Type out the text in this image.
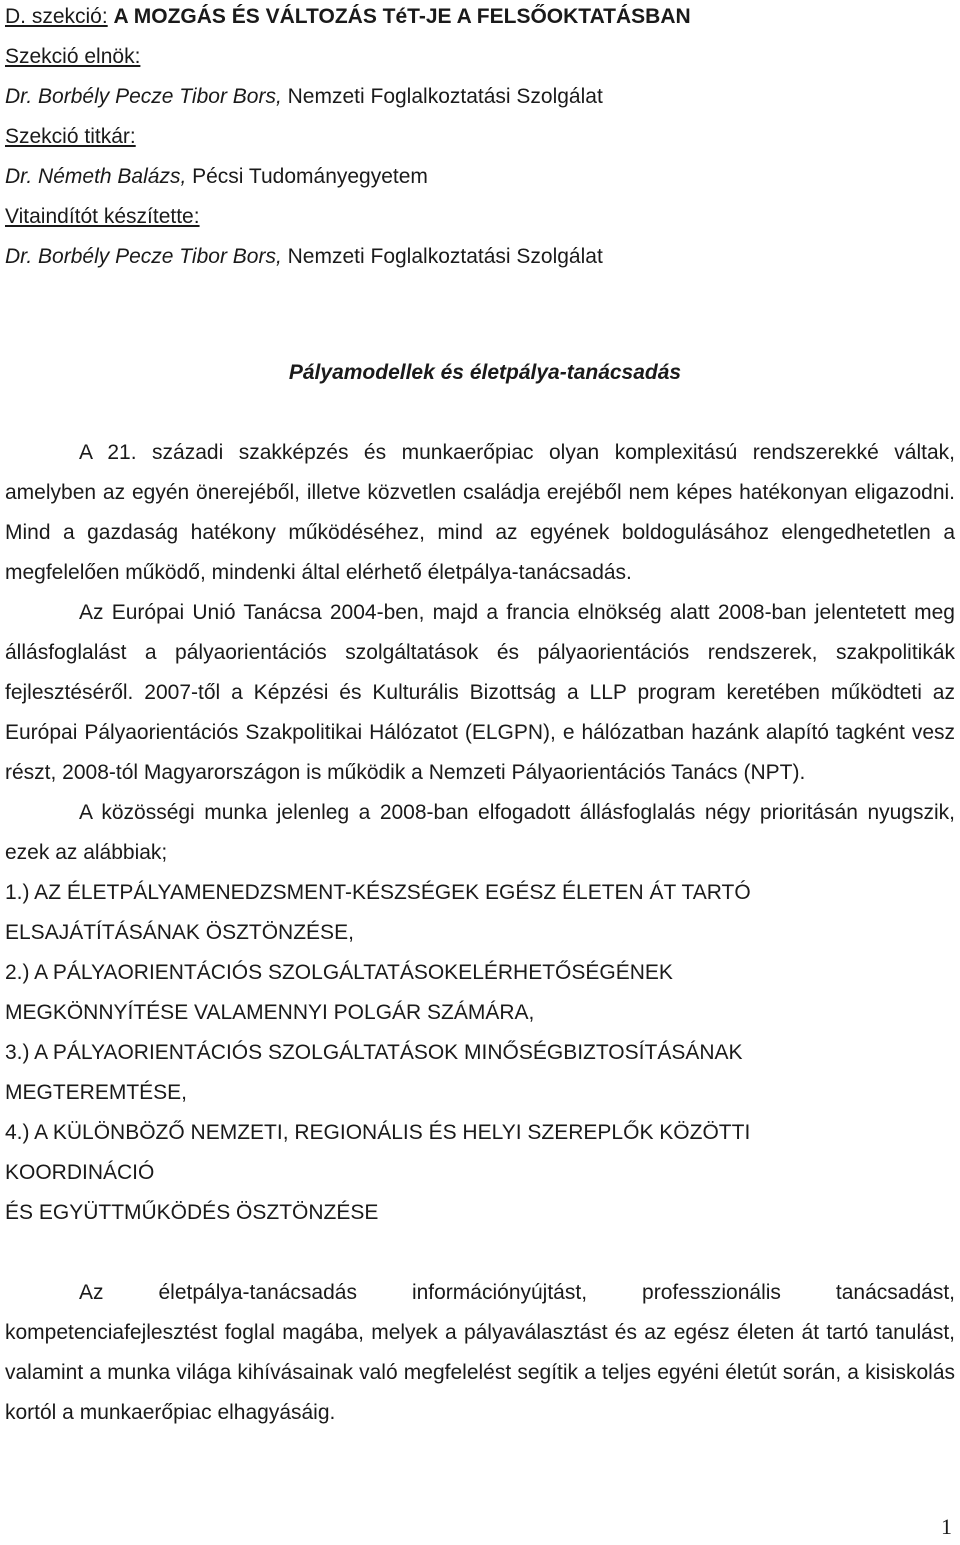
D. szekció: A MOZGÁS ÉS VÁLTOZÁS TéT-JE A FELSŐOKTATÁSBAN
Szekció elnök:
Dr. Borbély Pecze Tibor Bors, Nemzeti Foglalkoztatási Szolgálat
Szekció titkár:
Dr. Németh Balázs, Pécsi Tudományegyetem
Vitaindítót készítette:
Dr. Borbély Pecze Tibor Bors, Nemzeti Foglalkoztatási Szolgálat
Pályamodellek és életpálya-tanácsadás

A 21. századi szakképzés és munkaerőpiac olyan komplexitású rendszerekké váltak, amelyben az egyén önerejéből, illetve közvetlen családja erejéből nem képes hatékonyan eligazodni. Mind a gazdaság hatékony működéséhez, mind az egyének boldogulásához elengedhetetlen a megfelelően működő, mindenki által elérhető életpálya-tanácsadás.

Az Európai Unió Tanácsa 2004-ben, majd a francia elnökség alatt 2008-ban jelentetett meg állásfoglalást a pályaorientációs szolgáltatások és pályaorientációs rendszerek, szakpolitikák fejlesztéséről. 2007-től a Képzési és Kulturális Bizottság a LLP program keretében működteti az Európai Pályaorientációs Szakpolitikai Hálózatot (ELGPN), e hálózatban hazánk alapító tagként vesz részt, 2008-tól Magyarországon is működik a Nemzeti Pályaorientációs Tanács (NPT).

A közösségi munka jelenleg a 2008-ban elfogadott állásfoglalás négy prioritásán nyugszik, ezek az alábbiak;

1.) AZ ÉLETPÁLYAMENEDZSMENT-KÉSZSÉGEK EGÉSZ ÉLETEN ÁT TARTÓ
ELSAJÁTÍTÁSÁNAK ÖSZTÖNZÉSE,
2.) A PÁLYAORIENTÁCIÓS SZOLGÁLTATÁSOKELÉRHETŐSÉGÉNEK
MEGKÖNNYÍTÉSE VALAMENNYI POLGÁR SZÁMÁRA,
3.) A PÁLYAORIENTÁCIÓS SZOLGÁLTATÁSOK MINŐSÉGBIZTOSÍTÁSÁNAK
MEGTEREMTÉSE,
4.) A KÜLÖNBÖZŐ NEMZETI, REGIONÁLIS ÉS HELYI SZEREPLŐK KÖZÖTTI
KOORDINÁCIÓ
ÉS EGYÜTTMŰKÖDÉS ÖSZTÖNZÉSE

Az életpálya-tanácsadás információnyújtást, professzionális tanácsadást, kompetenciafejlesztést foglal magába, melyek a pályaválasztást és az egész életen át tartó tanulást, valamint a munka világa kihívásainak való megfelelést segítik a teljes egyéni életút során, a kisiskolás kortól a munkaerőpiac elhagyásáig.

1
